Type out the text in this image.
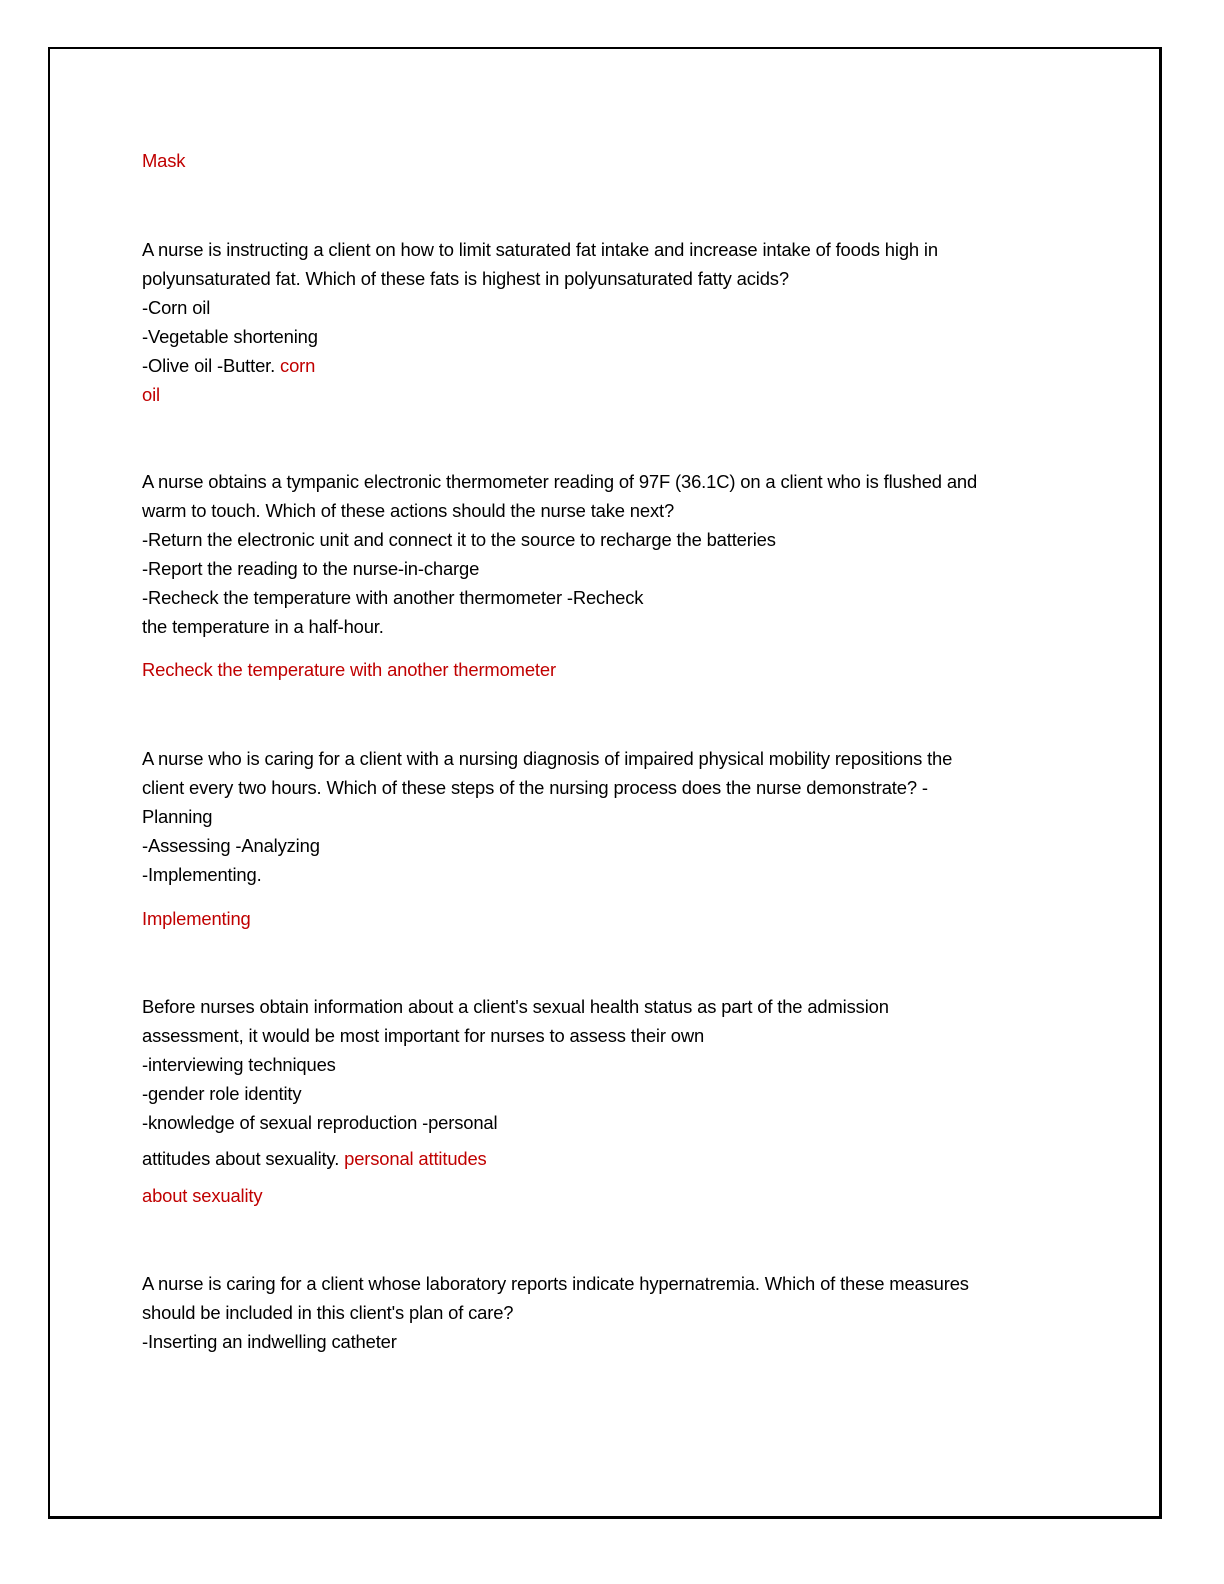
Mask
A nurse is instructing a client on how to limit saturated fat intake and increase intake of foods high in
polyunsaturated fat. Which of these fats is highest in polyunsaturated fatty acids?
-Corn oil
-Vegetable shortening
-Olive oil -Butter. corn
oil
A nurse obtains a tympanic electronic thermometer reading of 97F (36.1C) on a client who is flushed and
warm to touch. Which of these actions should the nurse take next?
-Return the electronic unit and connect it to the source to recharge the batteries
-Report the reading to the nurse-in-charge
-Recheck the temperature with another thermometer -Recheck
the temperature in a half-hour.
Recheck the temperature with another thermometer
A nurse who is caring for a client with a nursing diagnosis of impaired physical mobility repositions the
client every two hours. Which of these steps of the nursing process does the nurse demonstrate? -
Planning
-Assessing -Analyzing
-Implementing.
Implementing
Before nurses obtain information about a client's sexual health status as part of the admission
assessment, it would be most important for nurses to assess their own
-interviewing techniques
-gender role identity
-knowledge of sexual reproduction -personal
attitudes about sexuality. personal attitudes
about sexuality
A nurse is caring for a client whose laboratory reports indicate hypernatremia. Which of these measures
should be included in this client's plan of care?
-Inserting an indwelling catheter
